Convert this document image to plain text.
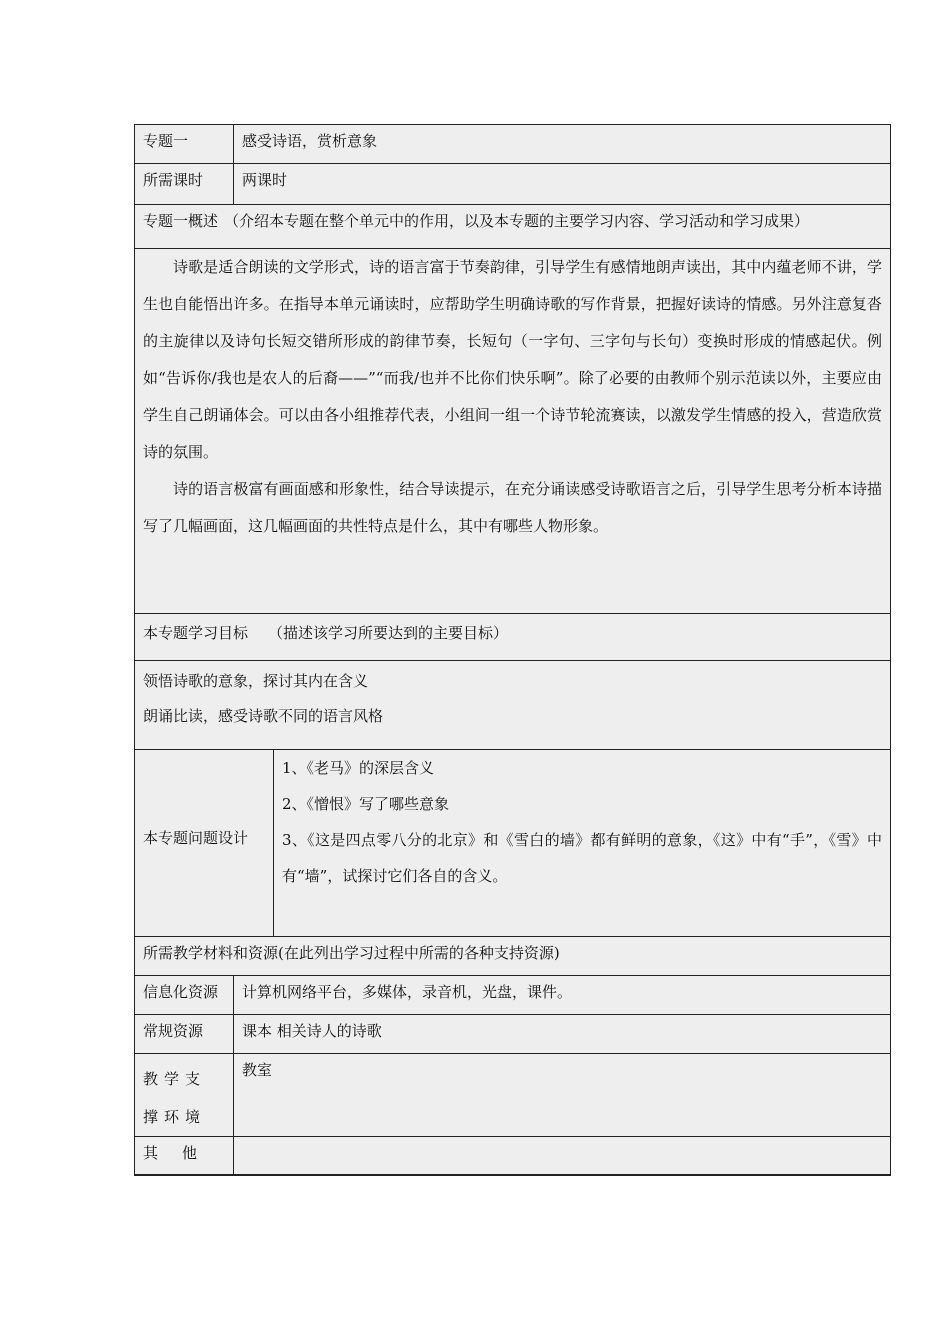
专题一	感受诗语，赏析意象	
所需课时	两课时	
专题一概述 （介绍本专题在整个单元中的作用，以及本专题的主要学习内容、学习活动和学习成果）		

诗歌是适合朗读的文学形式，诗的语言富于节奏韵律，引导学生有感情地朗声读出，其中内蕴老师不讲，学生也自能悟出许多。在指导本单元诵读时，应帮助学生明确诗歌的写作背景，把握好读诗的情感。另外注意复沓的主旋律以及诗句长短交错所形成的韵律节奏，长短句（一字句、三字句与长句）变换时形成的情感起伏。例如“告诉你/我也是农人的后裔——”“而我/也并不比你们快乐啊”。除了必要的由教师个别示范读以外，主要应由学生自己朗诵体会。可以由各小组推荐代表，小组间一组一个诗节轮流赛读，以激发学生情感的投入，营造欣赏诗的氛围。

诗的语言极富有画面感和形象性，结合导读提示，在充分诵读感受诗歌语言之后，引导学生思考分析本诗描写了几幅画面，这几幅画面的共性特点是什么，其中有哪些人物形象。		

本专题学习目标 （描述该学习所要达到的主要目标）		

领悟诗歌的意象，探讨其内在含义

朗诵比读，感受诗歌不同的语言风格		

本专题问题设计		1、《老马》的深层含义

2、《憎恨》写了哪些意象

3、《这是四点零八分的北京》和《雪白的墙》都有鲜明的意象，《这》中有“手”，《雪》中有“墙”，试探讨它们各自的含义。

所需教学材料和资源(在此列出学习过程中所需的各种支持资源)		
信息化资源	计算机网络平台，多媒体，录音机，光盘，课件。	
常规资源	课本 相关诗人的诗歌	
教学支撑环境	教室	
其他		
